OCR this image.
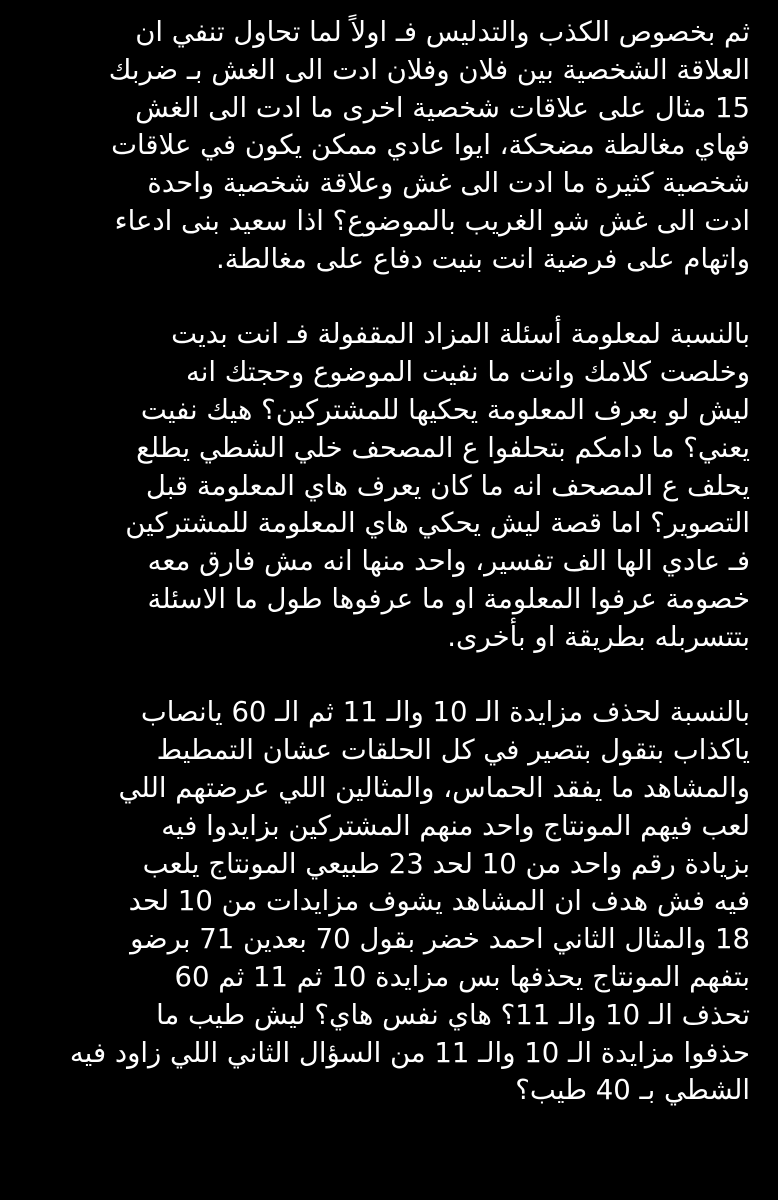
ثم بخصوص الكذب والتدليس فـ اولاً لما تحاول تنفي ان
العلاقة الشخصية بين فلان وفلان ادت الى الغش بـ ضربك
15 مثال على علاقات شخصية اخرى ما ادت الى الغش
فهاي مغالطة مضحكة، ايوا عادي ممكن يكون في علاقات
شخصية كثيرة ما ادت الى غش وعلاقة شخصية واحدة
ادت الى غش شو الغريب بالموضوع؟ اذا سعيد بنى ادعاء
واتهام على فرضية انت بنيت دفاع على مغالطة.
بالنسبة لمعلومة أسئلة المزاد المقفولة فـ انت بديت
وخلصت كلامك وانت ما نفيت الموضوع وحجتك انه
ليش لو بعرف المعلومة يحكيها للمشتركين؟ هيك نفيت
يعني؟ ما دامكم بتحلفوا ع المصحف خلي الشطي يطلع
يحلف ع المصحف انه ما كان يعرف هاي المعلومة قبل
التصوير؟ اما قصة ليش يحكي هاي المعلومة للمشتركين
فـ عادي الها الف تفسير، واحد منها انه مش فارق معه
خصومة عرفوا المعلومة او ما عرفوها طول ما الاسئلة
بتتسربله بطريقة او بأخرى.
بالنسبة لحذف مزايدة الـ 10 والـ 11 ثم الـ 60 يانصاب
ياكذاب بتقول بتصير في كل الحلقات عشان التمطيط
والمشاهد ما يفقد الحماس، والمثالين اللي عرضتهم اللي
لعب فيهم المونتاج واحد منهم المشتركين بزايدوا فيه
بزيادة رقم واحد من 10 لحد 23 طبيعي المونتاج يلعب
فيه فش هدف ان المشاهد يشوف مزايدات من 10 لحد
18 والمثال الثاني احمد خضر بقول 70 بعدين 71 برضو
بتفهم المونتاج يحذفها بس مزايدة 10 ثم 11 ثم 60
تحذف الـ 10 والـ 11؟ هاي نفس هاي؟ ليش طيب ما
حذفوا مزايدة الـ 10 والـ 11 من السؤال الثاني اللي زاود فيه
الشطي بـ 40 طيب؟
